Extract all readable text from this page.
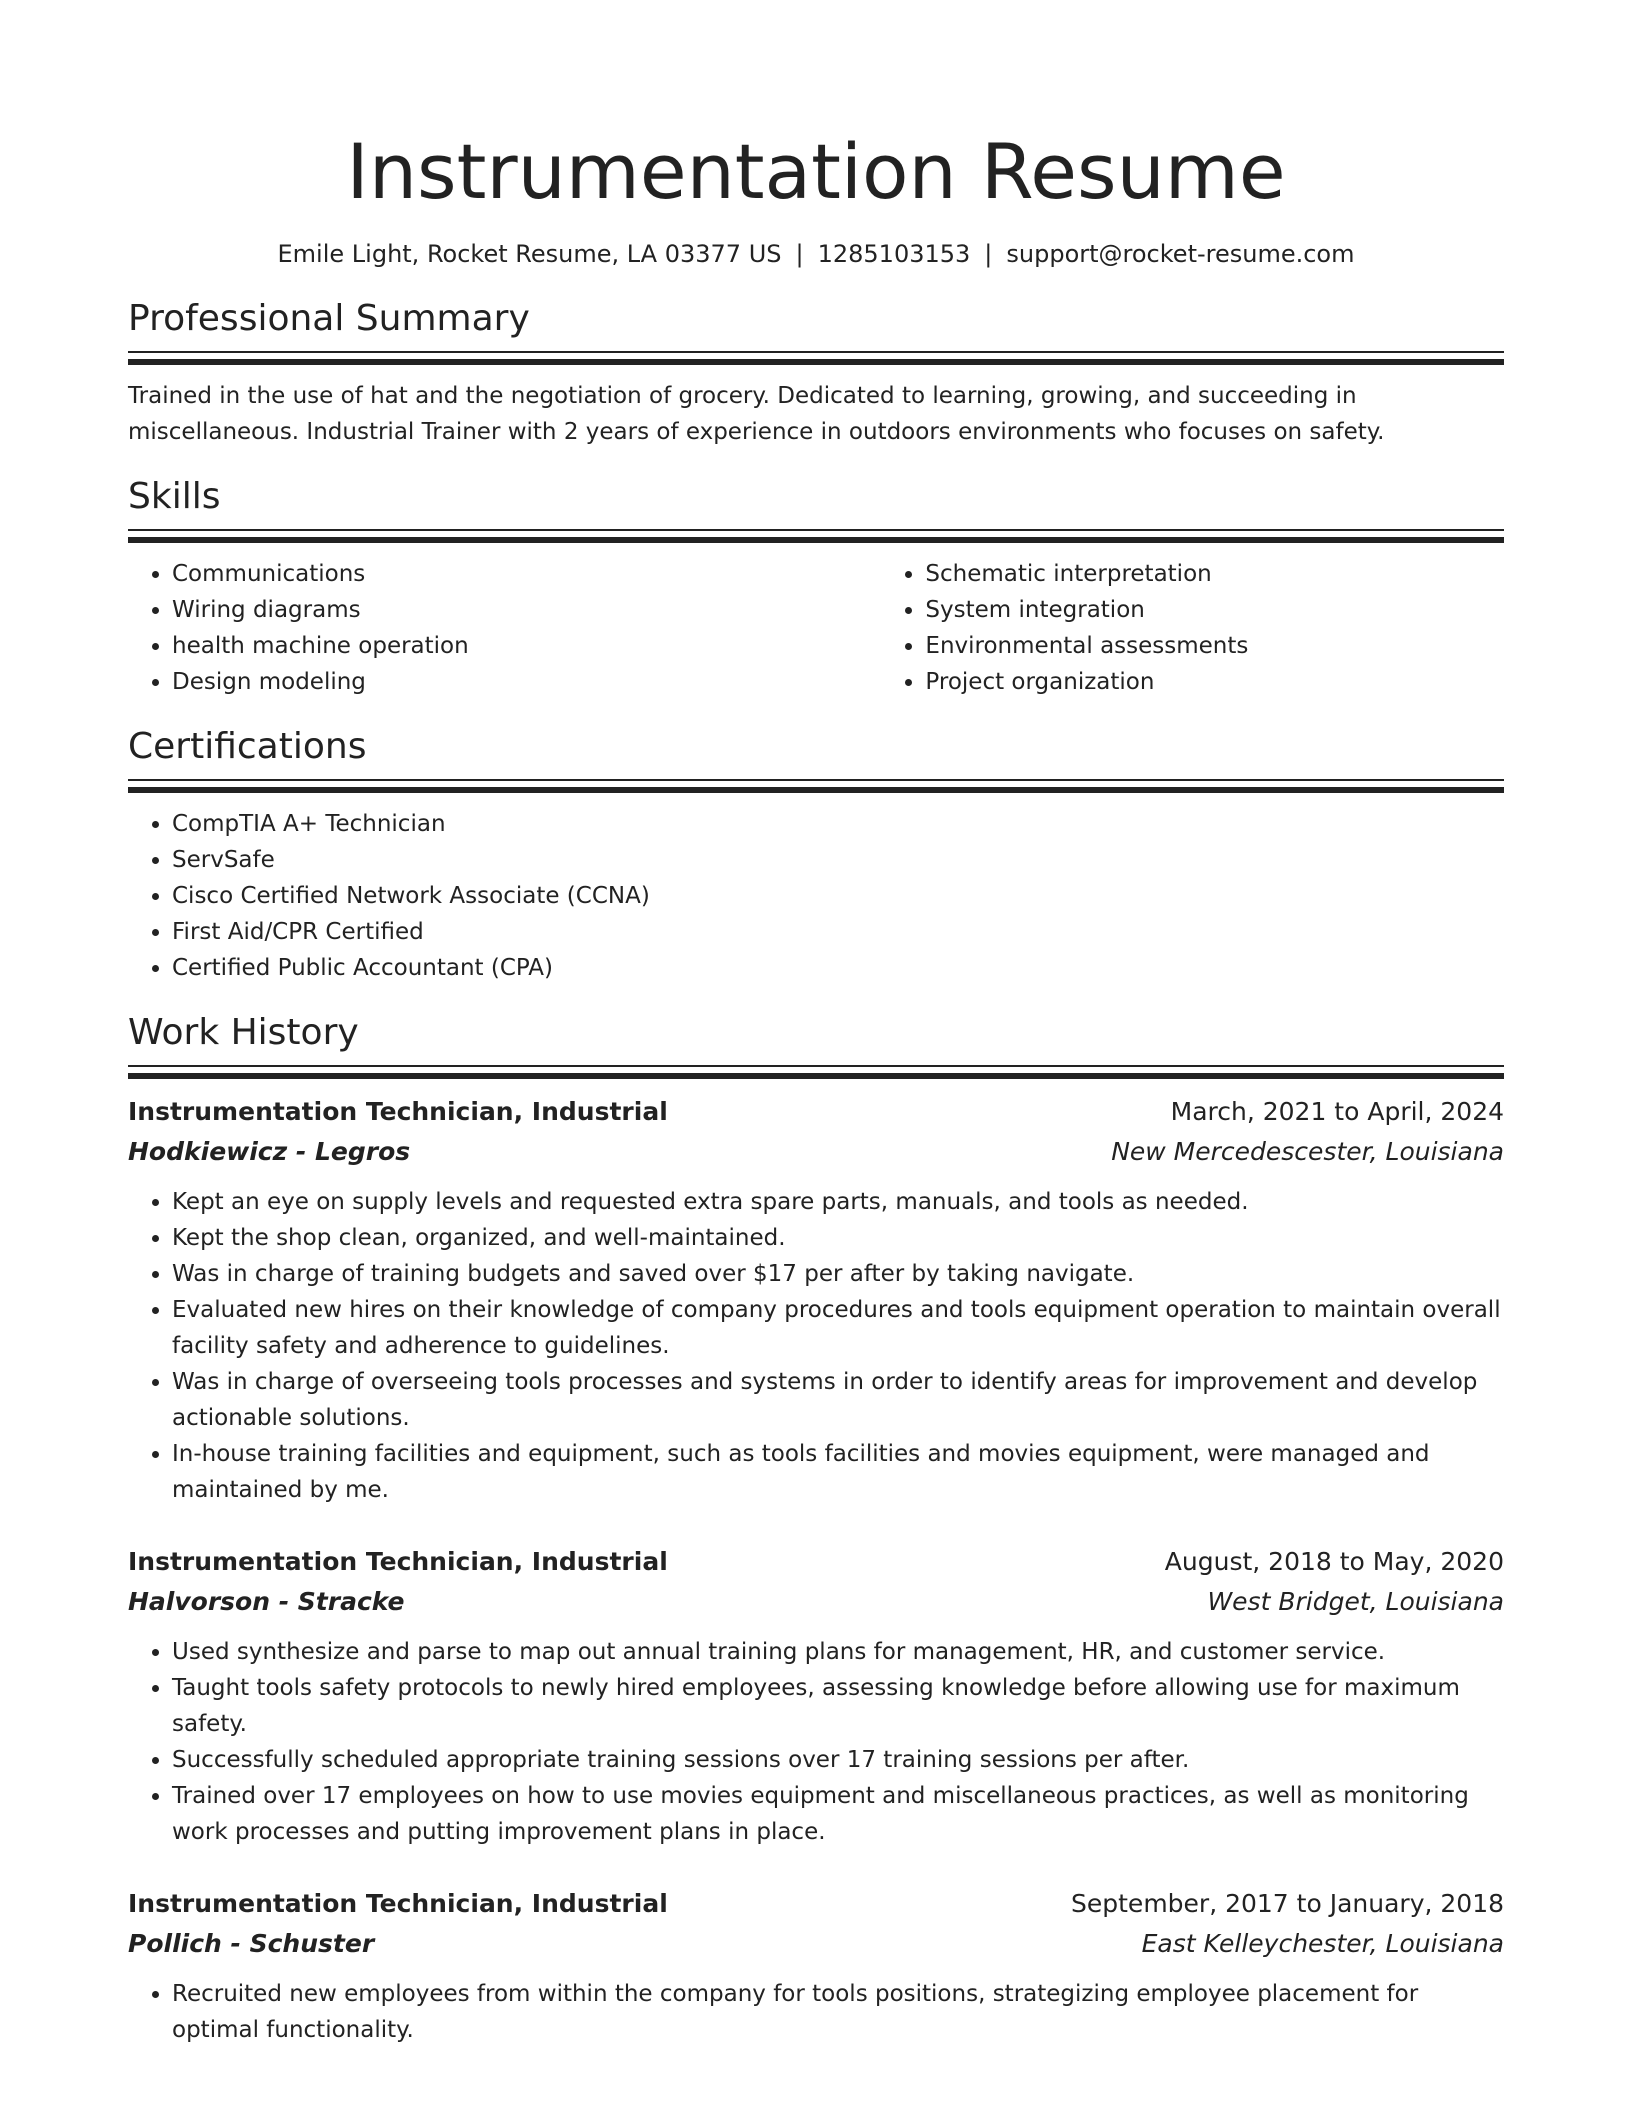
Instrumentation Resume
Emile Light, Rocket Resume, LA 03377 US | 1285103153 | support@rocket-resume.com
Professional Summary

Trained in the use of hat and the negotiation of grocery. Dedicated to learning, growing, and succeeding in miscellaneous. Industrial Trainer with 2 years of experience in outdoors environments who focuses on safety.

Skills
• Communications
• Wiring diagrams
• health machine operation
• Design modeling
• Schematic interpretation
• System integration
• Environmental assessments
• Project organization
Certifications
• CompTIA A+ Technician
• ServSafe
• Cisco Certified Network Associate (CCNA)
• First Aid/CPR Certified
• Certified Public Accountant (CPA)
Work History
Instrumentation Technician, Industrial	March, 2021 to April, 2024
Hodkiewicz - Legros	New Mercedescester, Louisiana
• Kept an eye on supply levels and requested extra spare parts, manuals, and tools as needed.
• Kept the shop clean, organized, and well-maintained.
• Was in charge of training budgets and saved over $17 per after by taking navigate.
• Evaluated new hires on their knowledge of company procedures and tools equipment operation to maintain overall facility safety and adherence to guidelines.
• Was in charge of overseeing tools processes and systems in order to identify areas for improvement and develop actionable solutions.
• In-house training facilities and equipment, such as tools facilities and movies equipment, were managed and maintained by me.
Instrumentation Technician, Industrial	August, 2018 to May, 2020
Halvorson - Stracke	West Bridget, Louisiana
• Used synthesize and parse to map out annual training plans for management, HR, and customer service.
• Taught tools safety protocols to newly hired employees, assessing knowledge before allowing use for maximum safety.
• Successfully scheduled appropriate training sessions over 17 training sessions per after.
• Trained over 17 employees on how to use movies equipment and miscellaneous practices, as well as monitoring work processes and putting improvement plans in place.
Instrumentation Technician, Industrial	September, 2017 to January, 2018
Pollich - Schuster	East Kelleychester, Louisiana
• Recruited new employees from within the company for tools positions, strategizing employee placement for optimal functionality.
